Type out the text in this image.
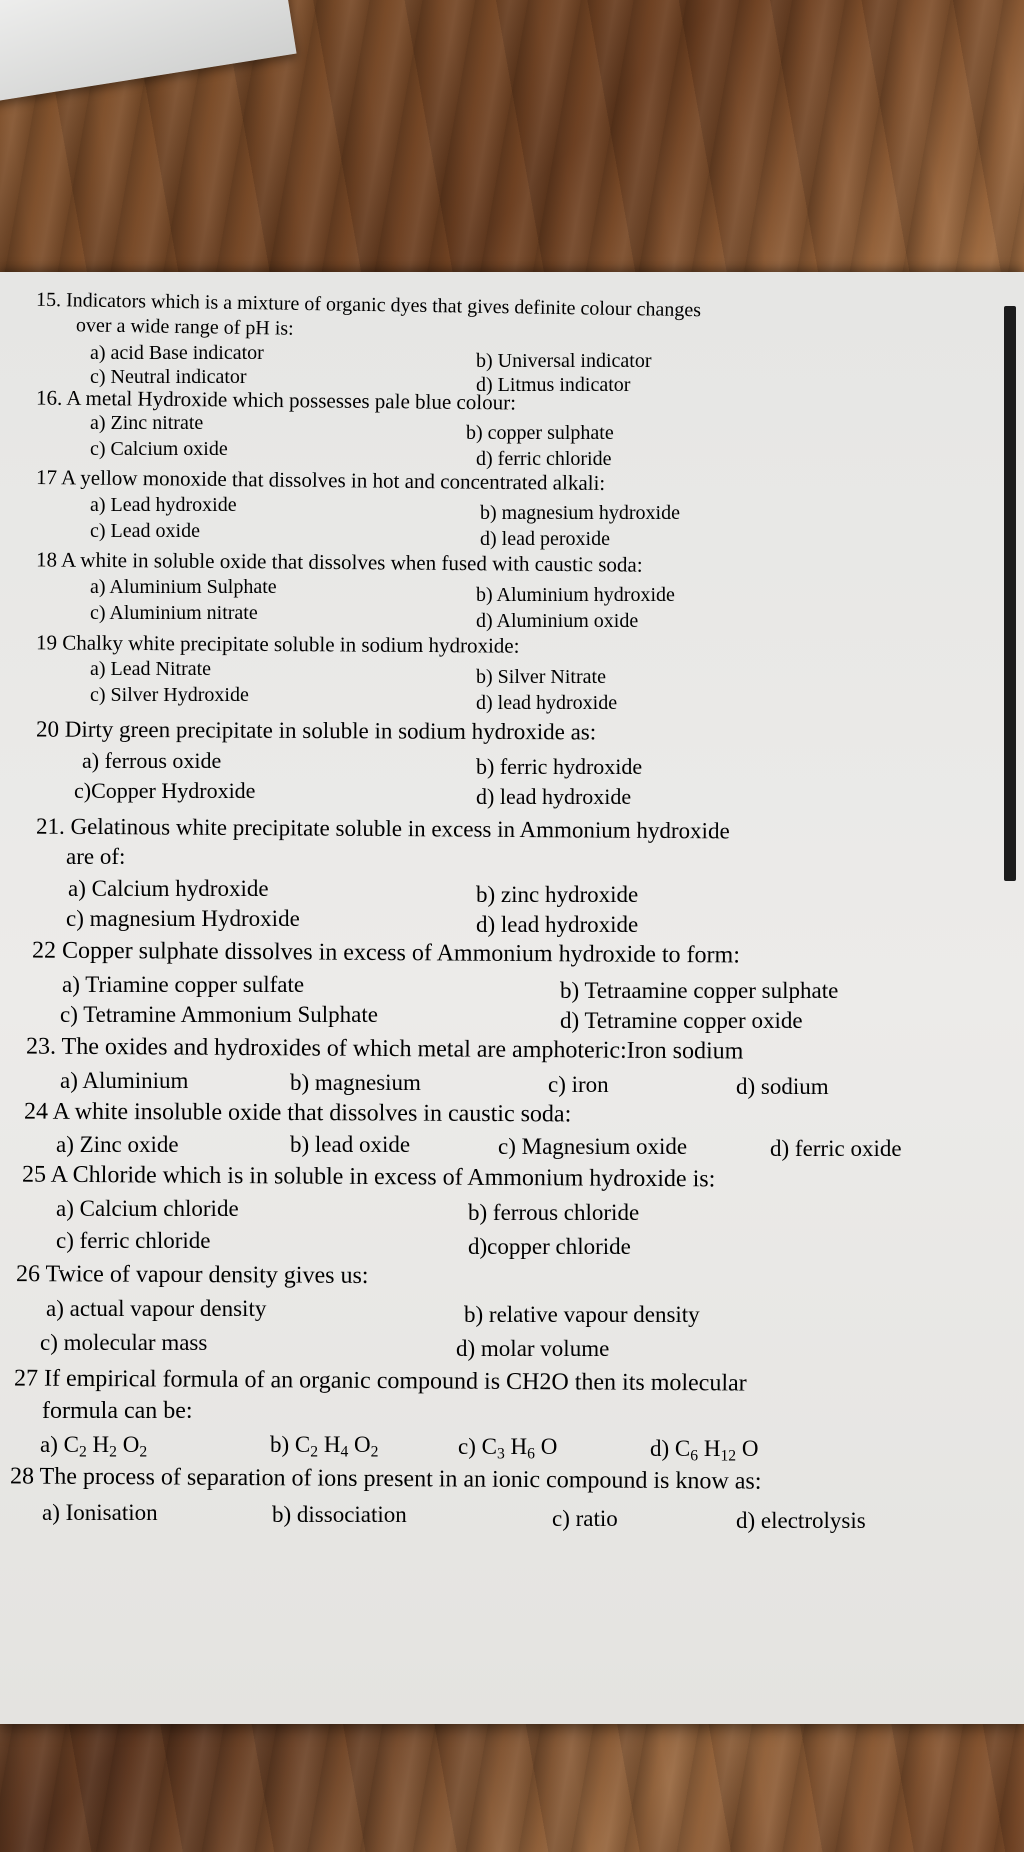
15. Indicators which is a mixture of organic dyes that gives definite colour changes
over a wide range of pH is:
a) acid Base indicator	b) Universal indicator
c) Neutral indicator	d) Litmus indicator
16. A metal Hydroxide which possesses pale blue colour:
a) Zinc nitrate	b) copper sulphate
c) Calcium oxide	d) ferric chloride
17 A yellow monoxide that dissolves in hot and concentrated alkali:
a) Lead hydroxide	b) magnesium hydroxide
c) Lead oxide	d) lead peroxide
18 A white in soluble oxide that dissolves when fused with caustic soda:
a) Aluminium Sulphate	b) Aluminium hydroxide
c) Aluminium nitrate	d) Aluminium oxide
19 Chalky white precipitate soluble in sodium hydroxide:
a) Lead Nitrate	b) Silver Nitrate
c) Silver Hydroxide	d) lead hydroxide
20 Dirty green precipitate in soluble in sodium hydroxide as:
a) ferrous oxide	b) ferric hydroxide
c)Copper Hydroxide	d) lead hydroxide
21. Gelatinous white precipitate soluble in excess in Ammonium hydroxide
are of:
a) Calcium hydroxide	b) zinc hydroxide
c) magnesium Hydroxide	d) lead hydroxide
22 Copper sulphate dissolves in excess of Ammonium hydroxide to form:
a) Triamine copper sulfate	b) Tetraamine copper sulphate
c) Tetramine Ammonium Sulphate	d) Tetramine copper oxide
23. The oxides and hydroxides of which metal are amphoteric:Iron sodium
a) Aluminium	b) magnesium	c) iron	d) sodium
24 A white insoluble oxide that dissolves in caustic soda:
a) Zinc oxide	b) lead oxide	c) Magnesium oxide	d) ferric oxide
25 A Chloride which is in soluble in excess of Ammonium hydroxide is:
a) Calcium chloride	b) ferrous chloride
c) ferric chloride	d)copper chloride
26 Twice of vapour density gives us:
a) actual vapour density	b) relative vapour density
c) molecular mass	d) molar volume
27 If empirical formula of an organic compound is CH2O then its molecular
formula can be:
a) $C_2$ $H_2$ $O_2$	b) $C_2$ $H_4$ $O_2$	c) $C_3$ $H_6$ O	d) $C_6$ $H_{12}$ O
28 The process of separation of ions present in an ionic compound is know as:
a) Ionisation	b) dissociation	c) ratio	d) electrolysis
